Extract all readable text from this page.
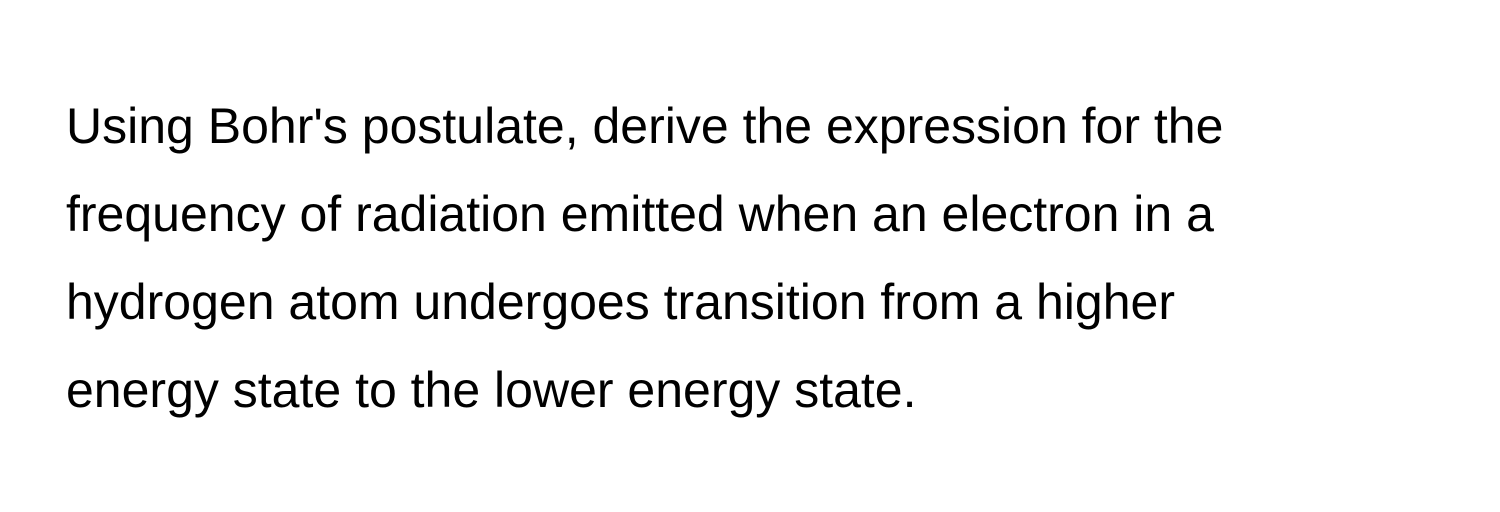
Using Bohr's postulate, derive the expression for the
frequency of radiation emitted when an electron in a
hydrogen atom undergoes transition from a higher
energy state to the lower energy state.
